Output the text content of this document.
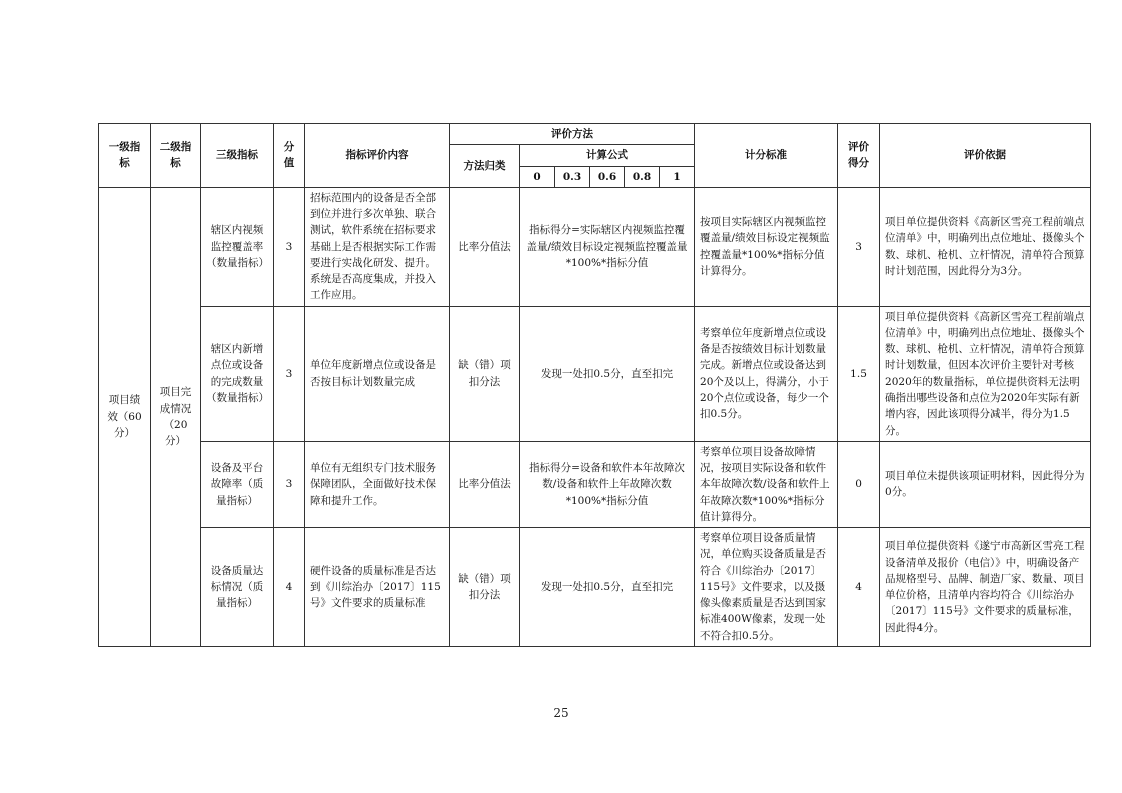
一级指标	二级指标	三级指标	分值	指标评价内容	评价方法						计分标准	评价得分	评价依据
					方法归类	计算公式							
						0	0.3	0.6	0.8	1			
项目绩效（60分）	项目完成情况（20分）	辖区内视频监控覆盖率（数量指标）	3	招标范围内的设备是否全部到位并进行多次单独、联合测试，软件系统在招标要求基础上是否根据实际工作需要进行实战化研发、提升。系统是否高度集成，并投入工作应用。	比率分值法	指标得分=实际辖区内视频监控覆盖量/绩效目标设定视频监控覆盖量*100%*指标分值					按项目实际辖区内视频监控覆盖量/绩效目标设定视频监控覆盖量*100%*指标分值计算得分。	3	项目单位提供资料《高新区雪亮工程前端点位清单》中，明确列出点位地址、摄像头个数、球机、枪机、立杆情况，清单符合预算时计划范围，因此得分为3分。
		辖区内新增点位或设备的完成数量（数量指标）	3	单位年度新增点位或设备是否按目标计划数量完成	缺（错）项扣分法	发现一处扣0.5分，直至扣完					考察单位年度新增点位或设备是否按绩效目标计划数量完成。新增点位或设备达到20个及以上，得满分，小于20个点位或设备，每少一个扣0.5分。	1.5	项目单位提供资料《高新区雪亮工程前端点位清单》中，明确列出点位地址、摄像头个数、球机、枪机、立杆情况，清单符合预算时计划数量，但因本次评价主要针对考核2020年的数量指标，单位提供资料无法明确指出哪些设备和点位为2020年实际有新增内容，因此该项得分减半，得分为1.5分。
		设备及平台故障率（质量指标）	3	单位有无组织专门技术服务保障团队，全面做好技术保障和提升工作。	比率分值法	指标得分=设备和软件本年故障次数/设备和软件上年故障次数*100%*指标分值					考察单位项目设备故障情况，按项目实际设备和软件本年故障次数/设备和软件上年故障次数*100%*指标分值计算得分。	0	项目单位未提供该项证明材料，因此得分为0分。
		设备质量达标情况（质量指标）	4	硬件设备的质量标准是否达到《川综治办〔2017〕115号》文件要求的质量标准	缺（错）项扣分法	发现一处扣0.5分，直至扣完					考察单位项目设备质量情况，单位购买设备质量是否符合《川综治办〔2017〕115号》文件要求，以及摄像头像素质量是否达到国家标准400W像素，发现一处不符合扣0.5分。	4	项目单位提供资料《遂宁市高新区雪亮工程设备清单及报价（电信）》中，明确设备产品规格型号、品牌、制造厂家、数量、项目单位价格，且清单内容均符合《川综治办〔2017〕115号》文件要求的质量标准，因此得4分。
25
